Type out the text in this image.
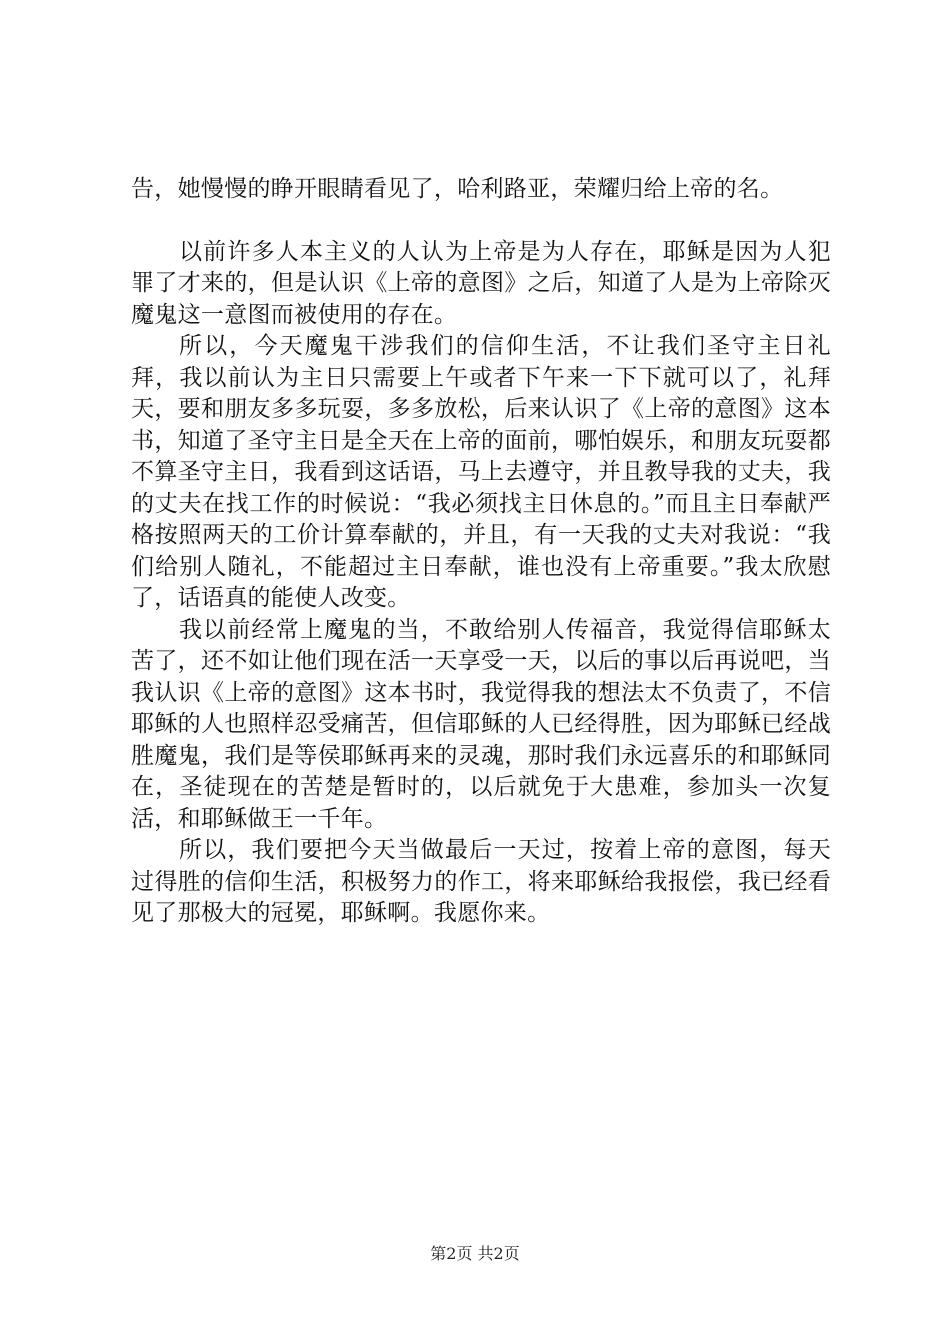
告，她慢慢的睁开眼睛看见了，哈利路亚，荣耀归给上帝的名。

以前许多人本主义的人认为上帝是为人存在，耶稣是因为人犯罪了才来的，但是认识《上帝的意图》之后，知道了人是为上帝除灭魔鬼这一意图而被使用的存在。

所以，今天魔鬼干涉我们的信仰生活，不让我们圣守主日礼拜，我以前认为主日只需要上午或者下午来一下下就可以了，礼拜天，要和朋友多多玩耍，多多放松，后来认识了《上帝的意图》这本书，知道了圣守主日是全天在上帝的面前，哪怕娱乐，和朋友玩耍都不算圣守主日，我看到这话语，马上去遵守，并且教导我的丈夫，我的丈夫在找工作的时候说：“我必须找主日休息的。”而且主日奉献严格按照两天的工价计算奉献的，并且，有一天我的丈夫对我说：“我们给别人随礼，不能超过主日奉献，谁也没有上帝重要。”我太欣慰了，话语真的能使人改变。

我以前经常上魔鬼的当，不敢给别人传福音，我觉得信耶稣太苦了，还不如让他们现在活一天享受一天，以后的事以后再说吧，当我认识《上帝的意图》这本书时，我觉得我的想法太不负责了，不信耶稣的人也照样忍受痛苦，但信耶稣的人已经得胜，因为耶稣已经战胜魔鬼，我们是等侯耶稣再来的灵魂，那时我们永远喜乐的和耶稣同在，圣徒现在的苦楚是暂时的，以后就免于大患难，参加头一次复活，和耶稣做王一千年。

所以，我们要把今天当做最后一天过，按着上帝的意图，每天过得胜的信仰生活，积极努力的作工，将来耶稣给我报偿，我已经看见了那极大的冠冕，耶稣啊。我愿你来。

第2页 共2页
